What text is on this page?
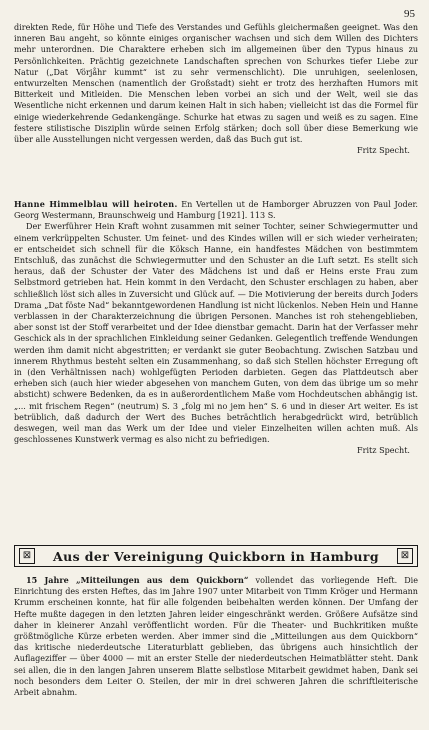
95

direkten Rede, für Höhe und Tiefe des Verstandes und Gefühls gleichermaßen geeignet. Was den inneren Bau angeht, so könnte einiges organischer wachsen und sich dem Willen des Dichters mehr unterordnen. Die Charaktere erheben sich im allgemeinen über den Typus hinaus zu Persönlichkeiten. Prächtig gezeichnete Landschaften sprechen von Schurkes tiefer Liebe zur Natur („Dat Vörjåhr kummt“ ist zu sehr vermenschlicht). Die unruhigen, seelenlosen, entwurzelten Menschen (namentlich der Großstadt) sieht er trotz des herzhaften Humors mit Bitterkeit und Mitleiden. Die Menschen leben vorbei an sich und der Welt, weil sie das Wesentliche nicht erkennen und darum keinen Halt in sich haben; vielleicht ist das die Formel für einige wiederkehrende Gedankengänge. Schurke hat etwas zu sagen und weiß es zu sagen. Eine festere stilistische Disziplin würde seinen Erfolg stärken; doch soll über diese Bemerkung wie über alle Ausstellungen nicht vergessen werden, daß das Buch gut ist.

Fritz Specht.

Hanne Himmelblau will heiroten. En Vertellen ut de Hamborger Abruzzen von Paul Joder. Georg Westermann, Braunschweig und Hamburg [1921]. 113 S.

Der Ewerführer Hein Kraft wohnt zusammen mit seiner Tochter, seiner Schwiegermutter und einem verkrüppelten Schuster. Um feinet- und des Kindes willen will er sich wieder verheiraten; er entscheidet sich schnell für die Köksch Hanne, ein handfestes Mädchen von bestimmtem Entschluß, das zunächst die Schwiegermutter und den Schuster an die Luft setzt. Es stellt sich heraus, daß der Schuster der Vater des Mädchens ist und daß er Heins erste Frau zum Selbstmord getrieben hat. Hein kommt in den Verdacht, den Schuster erschlagen zu haben, aber schließlich löst sich alles in Zuversicht und Glück auf. — Die Motivierung der bereits durch Joders Drama „Dat föste Nad“ bekanntgewordenen Handlung ist nicht lückenlos. Neben Hein und Hanne verblassen in der Charakterzeichnung die übrigen Personen. Manches ist roh stehengeblieben, aber sonst ist der Stoff verarbeitet und der Idee dienstbar gemacht. Darin hat der Verfasser mehr Geschick als in der sprachlichen Einkleidung seiner Gedanken. Gelegentlich treffende Wendungen werden ihm damit nicht abgestritten; er verdankt sie guter Beobachtung. Zwischen Satzbau und innerem Rhythmus besteht selten ein Zusammenhang, so daß sich Stellen höchster Erregung oft in (den Verhältnissen nach) wohlgefügten Perioden darbieten. Gegen das Plattdeutsch aber erheben sich (auch hier wieder abgesehen von manchem Guten, von dem das übrige um so mehr absticht) schwere Bedenken, da es in außerordentlichem Maße vom Hochdeutschen abhängig ist. „... mit frischem Regen“ (neutrum) S. 3 „folg mi no jem hen“ S. 6 und in dieser Art weiter. Es ist betrüblich, daß dadurch der Wert des Buches beträchtlich herabgedrückt wird, betrüblich deswegen, weil man das Werk um der Idee und vieler Einzelheiten willen achten muß. Als geschlossenes Kunstwerk vermag es also nicht zu befriedigen.

Fritz Specht.

⊠	Aus der Vereinigung Quickborn in Hamburg	⊠

15 Jahre „Mitteilungen aus dem Quickborn“ vollendet das vorliegende Heft. Die Einrichtung des ersten Heftes, das im Jahre 1907 unter Mitarbeit von Timm Kröger und Hermann Krumm erscheinen konnte, hat für alle folgenden beibehalten werden können. Der Umfang der Hefte mußte dagegen in den letzten Jahren leider eingeschränkt werden. Größere Aufsätze sind daher in kleinerer Anzahl veröffentlicht worden. Für die Theater- und Buchkritiken mußte größtmögliche Kürze erbeten werden. Aber immer sind die „Mitteilungen aus dem Quickborn“ das kritische niederdeutsche Literaturblatt geblieben, das übrigens auch hinsichtlich der Auflageziffer — über 4000 — mit an erster Stelle der niederdeutschen Heimatblätter steht. Dank sei allen, die in den langen Jahren unserem Blatte selbstlose Mitarbeit gewidmet haben, Dank sei noch besonders dem Leiter O. Steilen, der mir in drei schweren Jahren die schriftleiterische Arbeit abnahm.
